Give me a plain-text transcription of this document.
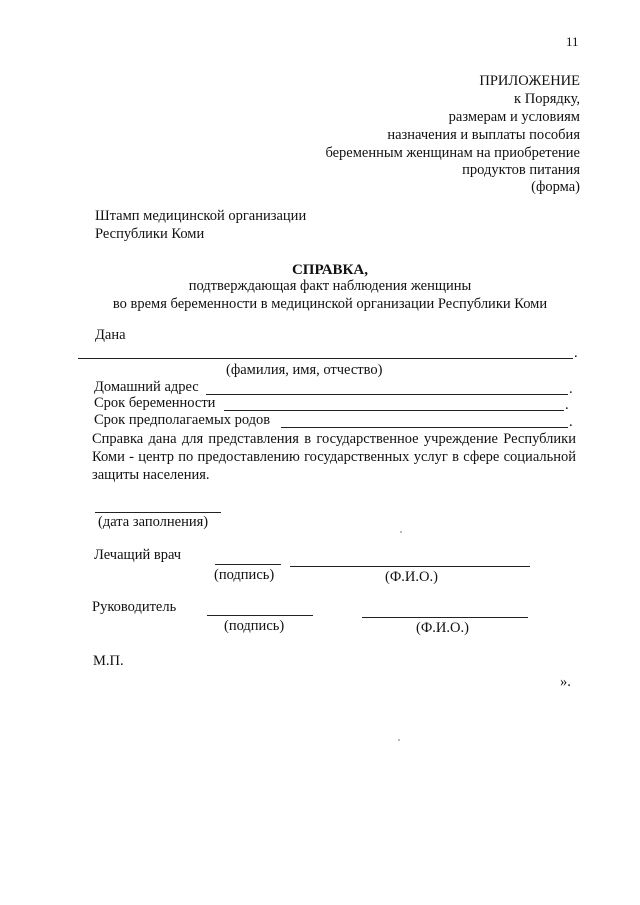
11
ПРИЛОЖЕНИЕ
к Порядку,
размерам и условиям
назначения и выплаты пособия
беременным женщинам на приобретение
продуктов питания
(форма)
Штамп медицинской организации
Республики Коми
СПРАВКА,
подтверждающая факт наблюдения женщины
во время беременности в медицинской организации Республики Коми
Дана
.
(фамилия, имя, отчество)
Домашний адрес	.
Срок беременности	.
Срок предполагаемых родов	.
Справка дана для представления в государственное учреждение Республики Коми - центр по предоставлению государственных услуг в сфере социальной защиты населения.
(дата заполнения)
Лечащий врач
(подпись)	(Ф.И.О.)
Руководитель
(подпись)	(Ф.И.О.)
М.П.
».
